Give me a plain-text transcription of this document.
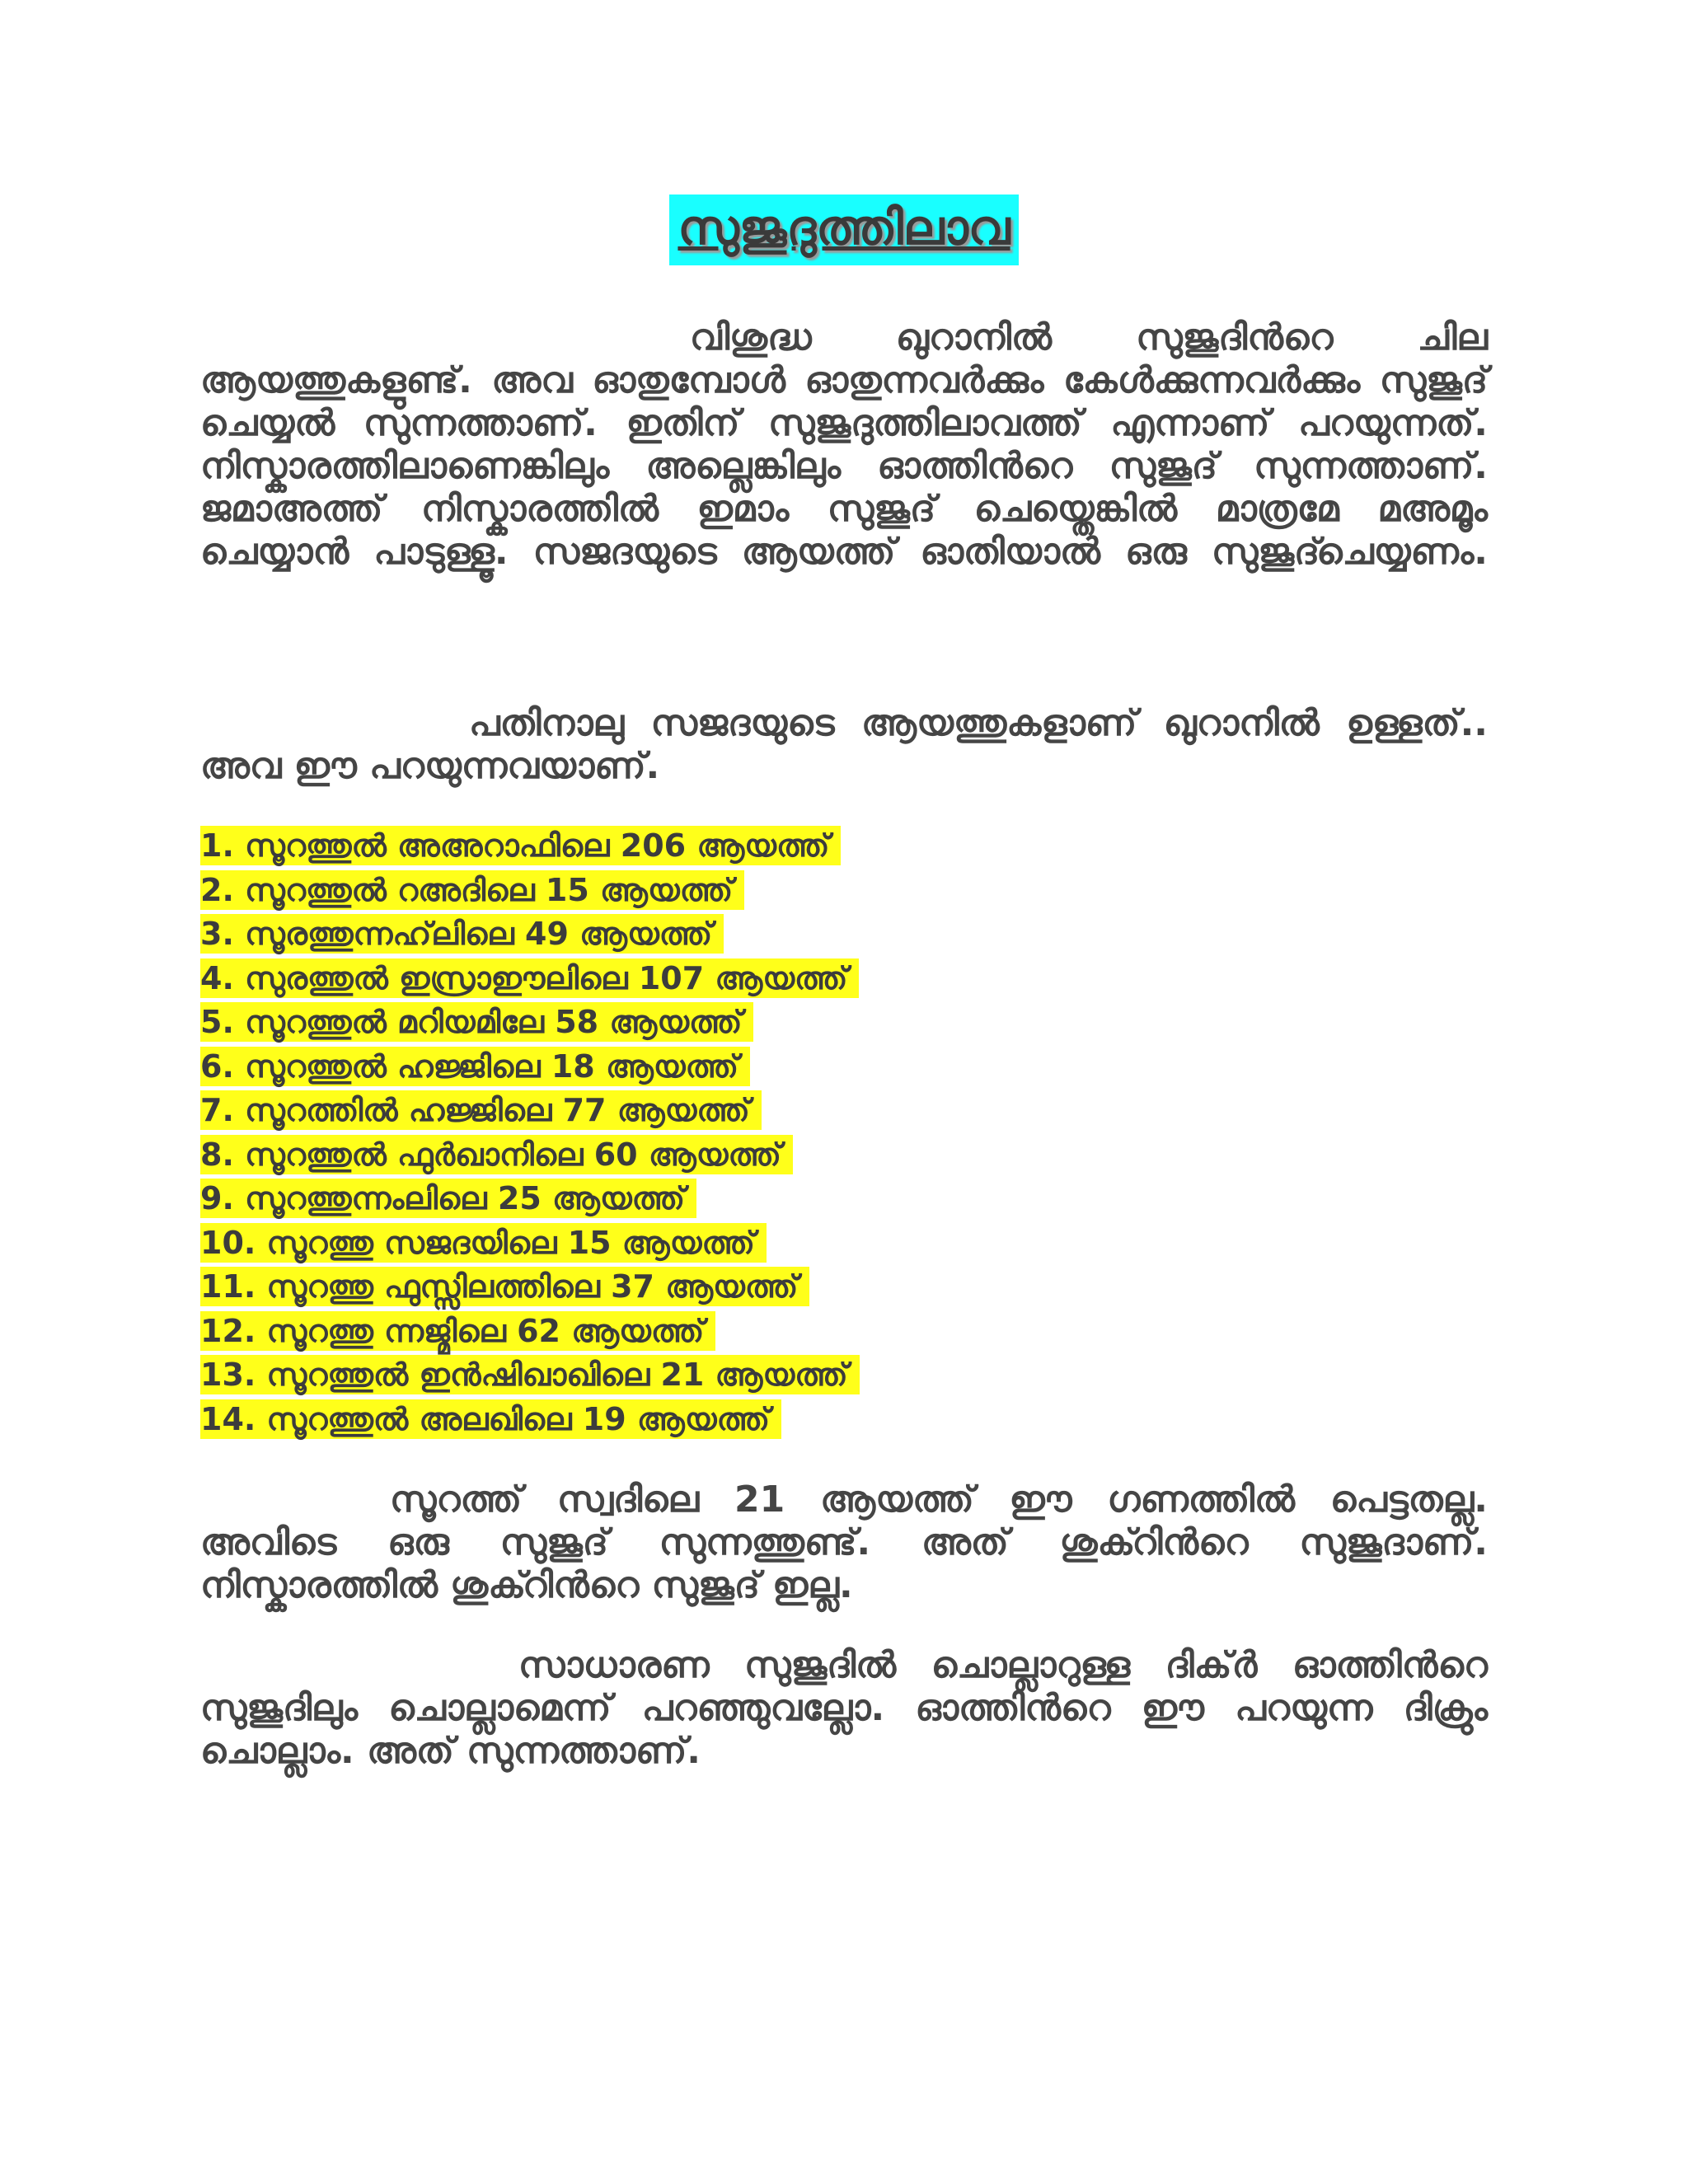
സുജൂദുത്തിലാവ
വിശുദ്ധ ഖുറാനിൽ സുജൂദിൻറെ ചില ആയത്തുകളുണ്ട്. അവ ഓതുമ്പോൾ ഓതുന്നവർക്കും കേൾക്കുന്നവർക്കും സുജൂദ് ചെയ്യൽ സുന്നത്താണ്. ഇതിന് സുജൂദുത്തിലാവത്ത് എന്നാണ് പറയുന്നത്. നിസ്കാരത്തിലാണെങ്കിലും അല്ലെങ്കിലും ഓത്തിൻറെ സുജൂദ് സുന്നത്താണ്. ജമാഅത്ത് നിസ്കാരത്തിൽ ഇമാം സുജൂദ് ചെയ്തെങ്കിൽ മാത്രമേ മഅമൂം ചെയ്യാൻ പാടുള്ളൂ. സജദയുടെ ആയത്ത് ഓതിയാൽ ഒരു സുജൂദ്ചെയ്യണം.
പതിനാലു സജദയുടെ ആയത്തുകളാണ് ഖുറാനിൽ ഉള്ളത്.. അവ ഈ പറയുന്നവയാണ്.
1. സൂറത്തുൽ അഅറാഫിലെ 206 ആയത്ത്
2. സൂറത്തുൽ റഅദിലെ 15 ആയത്ത്
3. സൂരത്തുന്നഹ്‌ലിലെ 49 ആയത്ത്
4. സുരത്തുൽ ഇസ്രാഈലിലെ 107 ആയത്ത്
5. സൂറത്തുൽ മറിയമിലേ 58 ആയത്ത്
6. സൂറത്തുൽ ഹജ്ജിലെ 18 ആയത്ത്
7. സൂറത്തിൽ ഹജ്ജിലെ 77 ആയത്ത്
8. സൂറത്തുൽ ഫുർഖാനിലെ 60 ആയത്ത്
9. സൂറത്തുന്നംലിലെ 25 ആയത്ത്
10. സൂറത്തു സജദയിലെ 15 ആയത്ത്
11. സൂറത്തു ഫുസ്സിലത്തിലെ 37 ആയത്ത്
12. സൂറത്തു ന്നജ്മിലെ 62 ആയത്ത്
13. സൂറത്തുൽ ഇൻഷിഖാഖിലെ 21 ആയത്ത്
14. സൂറത്തുൽ അലഖിലെ 19 ആയത്ത്
സൂറത്ത് സ്വദിലെ 21 ആയത്ത് ഈ ഗണത്തിൽ പെട്ടതല്ല. അവിടെ ഒരു സുജൂദ് സുന്നത്തുണ്ട്. അത് ശുക്റിൻറെ സുജൂദാണ്. നിസ്കാരത്തിൽ ശുക്റിൻറെ സുജൂദ് ഇല്ല.
സാധാരണ സുജൂദിൽ ചൊല്ലാറുള്ള ദിക്ർ ഓത്തിൻറെ സുജൂദിലും ചൊല്ലാമെന്ന് പറഞ്ഞുവല്ലോ. ഓത്തിൻറെ ഈ പറയുന്ന ദിക്രും ചൊല്ലാം. അത് സുന്നത്താണ്.
